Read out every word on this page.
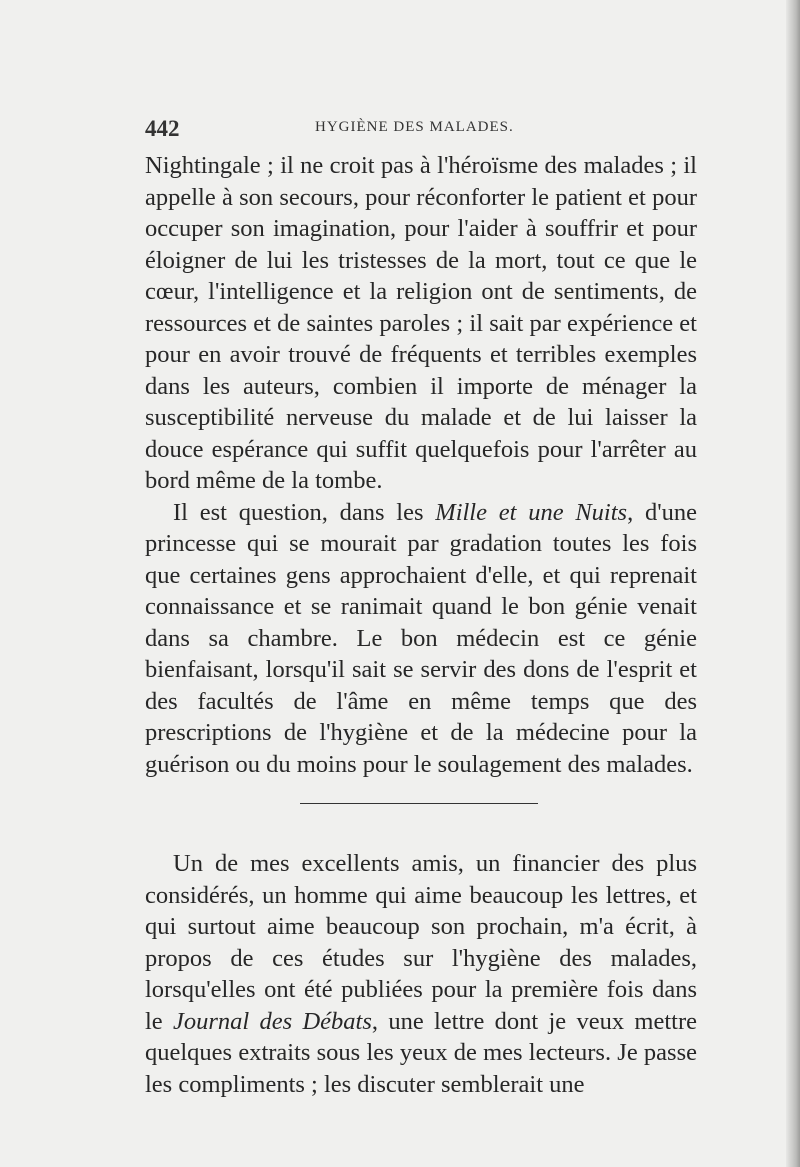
442	HYGIÈNE DES MALADES.

Nightingale ; il ne croit pas à l'héroïsme des malades ; il appelle à son secours, pour réconforter le patient et pour occuper son imagination, pour l'aider à souffrir et pour éloigner de lui les tristesses de la mort, tout ce que le cœur, l'intelligence et la religion ont de sentiments, de ressources et de saintes paroles ; il sait par expérience et pour en avoir trouvé de fréquents et terribles exemples dans les auteurs, combien il importe de ménager la susceptibilité nerveuse du malade et de lui laisser la douce espérance qui suffit quelquefois pour l'arrêter au bord même de la tombe.

Il est question, dans les Mille et une Nuits, d'une princesse qui se mourait par gradation toutes les fois que certaines gens approchaient d'elle, et qui reprenait connaissance et se ranimait quand le bon génie venait dans sa chambre. Le bon médecin est ce génie bienfaisant, lorsqu'il sait se servir des dons de l'esprit et des facultés de l'âme en même temps que des prescriptions de l'hygiène et de la médecine pour la guérison ou du moins pour le soulagement des malades.

Un de mes excellents amis, un financier des plus considérés, un homme qui aime beaucoup les lettres, et qui surtout aime beaucoup son prochain, m'a écrit, à propos de ces études sur l'hygiène des malades, lorsqu'elles ont été publiées pour la première fois dans le Journal des Débats, une lettre dont je veux mettre quelques extraits sous les yeux de mes lecteurs. Je passe les compliments ; les discuter semblerait une
